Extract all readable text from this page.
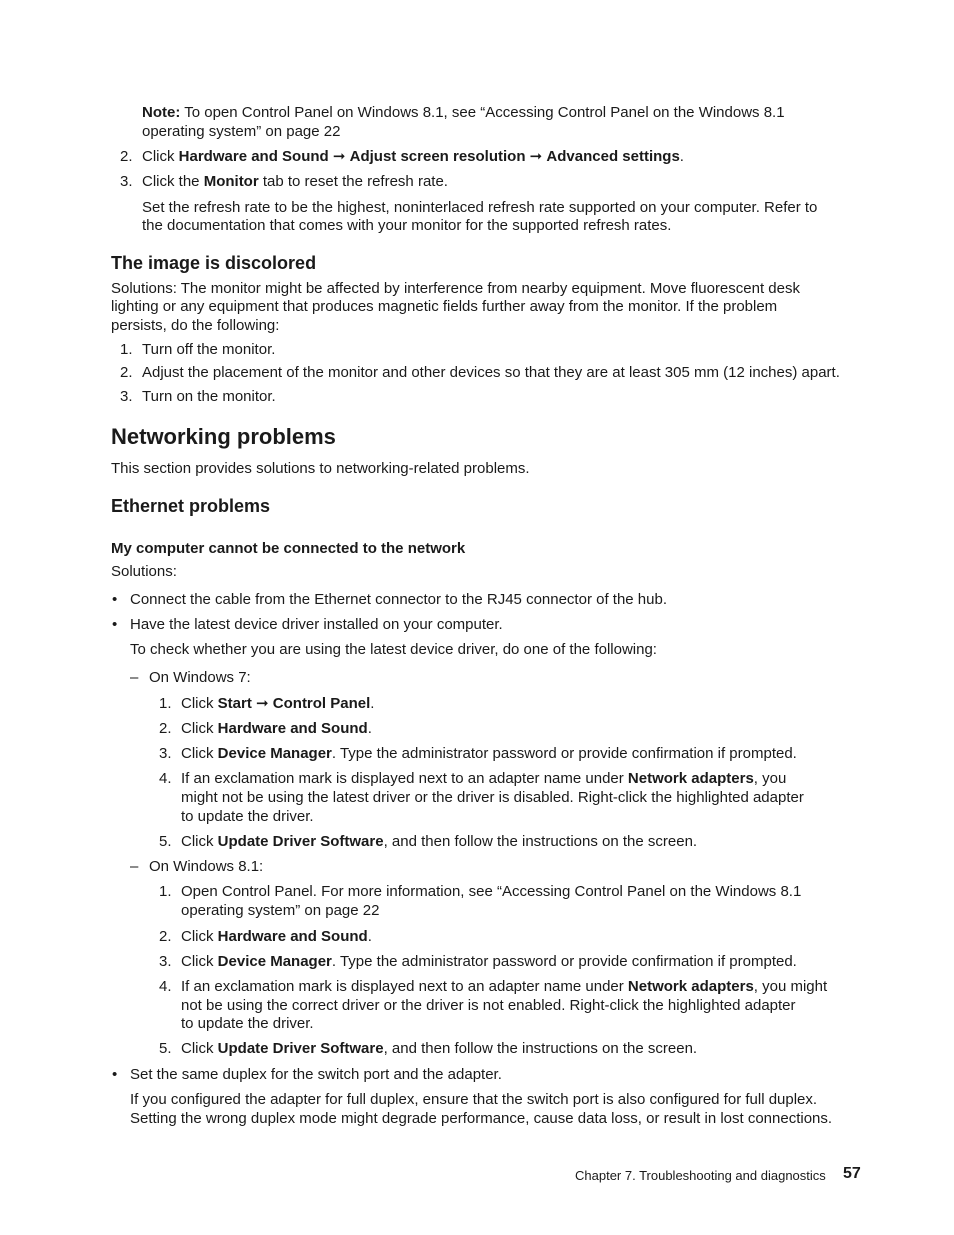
Note: To open Control Panel on Windows 8.1, see “Accessing Control Panel on the Windows 8.1
operating system” on page 22
2. Click Hardware and Sound ➞ Adjust screen resolution ➞ Advanced settings.
3. Click the Monitor tab to reset the refresh rate.
Set the refresh rate to be the highest, noninterlaced refresh rate supported on your computer. Refer to
the documentation that comes with your monitor for the supported refresh rates.
The image is discolored
Solutions: The monitor might be affected by interference from nearby equipment. Move fluorescent desk
lighting or any equipment that produces magnetic fields further away from the monitor. If the problem
persists, do the following:
1. Turn off the monitor.
2. Adjust the placement of the monitor and other devices so that they are at least 305 mm (12 inches) apart.
3. Turn on the monitor.
Networking problems
This section provides solutions to networking-related problems.
Ethernet problems
My computer cannot be connected to the network
Solutions:
• Connect the cable from the Ethernet connector to the RJ45 connector of the hub.
• Have the latest device driver installed on your computer.
To check whether you are using the latest device driver, do one of the following:
– On Windows 7:
1. Click Start ➞ Control Panel.
2. Click Hardware and Sound.
3. Click Device Manager. Type the administrator password or provide confirmation if prompted.
4. If an exclamation mark is displayed next to an adapter name under Network adapters, you
might not be using the latest driver or the driver is disabled. Right-click the highlighted adapter
to update the driver.
5. Click Update Driver Software, and then follow the instructions on the screen.
– On Windows 8.1:
1. Open Control Panel. For more information, see “Accessing Control Panel on the Windows 8.1
operating system” on page 22
2. Click Hardware and Sound.
3. Click Device Manager. Type the administrator password or provide confirmation if prompted.
4. If an exclamation mark is displayed next to an adapter name under Network adapters, you might
not be using the correct driver or the driver is not enabled. Right-click the highlighted adapter
to update the driver.
5. Click Update Driver Software, and then follow the instructions on the screen.
• Set the same duplex for the switch port and the adapter.
If you configured the adapter for full duplex, ensure that the switch port is also configured for full duplex.
Setting the wrong duplex mode might degrade performance, cause data loss, or result in lost connections.
Chapter 7. Troubleshooting and diagnostics 57
